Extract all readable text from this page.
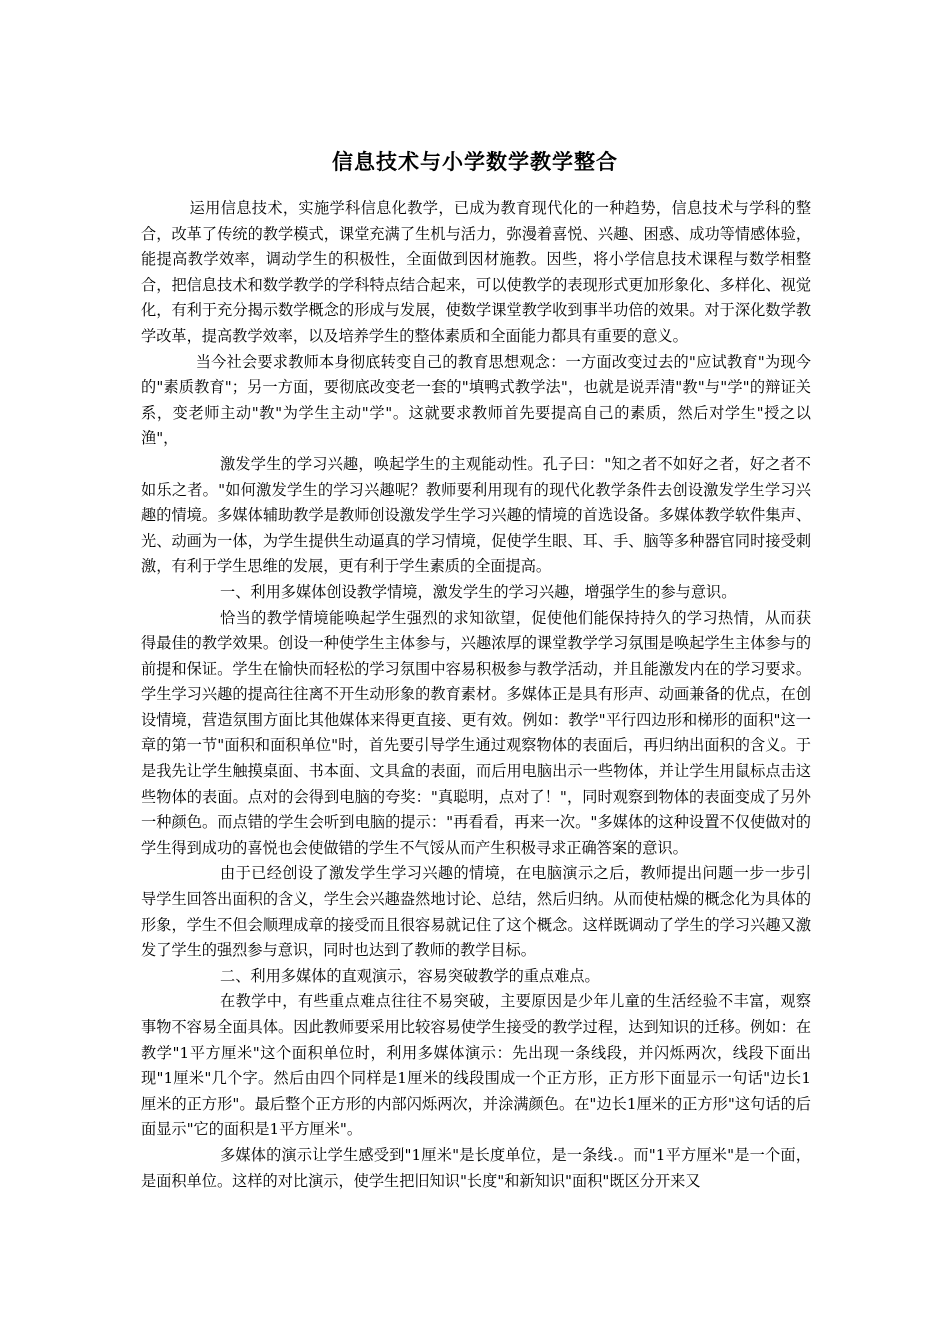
信息技术与小学数学教学整合

运用信息技术，实施学科信息化教学，已成为教育现代化的一种趋势，信息技术与学科的整合，改革了传统的教学模式，课堂充满了生机与活力，弥漫着喜悦、兴趣、困惑、成功等情感体验，能提高教学效率，调动学生的积极性，全面做到因材施教。因些，将小学信息技术课程与数学相整合，把信息技术和数学教学的学科特点结合起来，可以使教学的表现形式更加形象化、多样化、视觉化，有利于充分揭示数学概念的形成与发展，使数学课堂教学收到事半功倍的效果。对于深化数学教学改革，提高教学效率，以及培养学生的整体素质和全面能力都具有重要的意义。

当今社会要求教师本身彻底转变自己的教育思想观念：一方面改变过去的"应试教育"为现今的"素质教育"；另一方面，要彻底改变老一套的"填鸭式教学法"，也就是说弄清"教"与"学"的辩证关系，变老师主动"教"为学生主动"学"。这就要求教师首先要提高自己的素质，然后对学生"授之以渔"，

激发学生的学习兴趣，唤起学生的主观能动性。孔子曰："知之者不如好之者，好之者不如乐之者。"如何激发学生的学习兴趣呢？教师要利用现有的现代化教学条件去创设激发学生学习兴趣的情境。多媒体辅助教学是教师创设激发学生学习兴趣的情境的首选设备。多媒体教学软件集声、光、动画为一体，为学生提供生动逼真的学习情境，促使学生眼、耳、手、脑等多种器官同时接受刺激，有利于学生思维的发展，更有利于学生素质的全面提高。

一、利用多媒体创设教学情境，激发学生的学习兴趣，增强学生的参与意识。

恰当的教学情境能唤起学生强烈的求知欲望，促使他们能保持持久的学习热情，从而获得最佳的教学效果。创设一种使学生主体参与，兴趣浓厚的课堂教学学习氛围是唤起学生主体参与的前提和保证。学生在愉快而轻松的学习氛围中容易积极参与教学活动，并且能激发内在的学习要求。学生学习兴趣的提高往往离不开生动形象的教育素材。多媒体正是具有形声、动画兼备的优点，在创设情境，营造氛围方面比其他媒体来得更直接、更有效。例如：教学"平行四边形和梯形的面积"这一章的第一节"面积和面积单位"时，首先要引导学生通过观察物体的表面后，再归纳出面积的含义。于是我先让学生触摸桌面、书本面、文具盒的表面，而后用电脑出示一些物体，并让学生用鼠标点击这些物体的表面。点对的会得到电脑的夸奖："真聪明，点对了！"，同时观察到物体的表面变成了另外一种颜色。而点错的学生会听到电脑的提示："再看看，再来一次。"多媒体的这种设置不仅使做对的学生得到成功的喜悦也会使做错的学生不气馁从而产生积极寻求正确答案的意识。

由于已经创设了激发学生学习兴趣的情境，在电脑演示之后，教师提出问题一步一步引导学生回答出面积的含义，学生会兴趣盎然地讨论、总结，然后归纳。从而使枯燥的概念化为具体的形象，学生不但会顺理成章的接受而且很容易就记住了这个概念。这样既调动了学生的学习兴趣又激发了学生的强烈参与意识，同时也达到了教师的教学目标。

二、利用多媒体的直观演示，容易突破教学的重点难点。

在教学中，有些重点难点往往不易突破，主要原因是少年儿童的生活经验不丰富，观察事物不容易全面具体。因此教师要采用比较容易使学生接受的教学过程，达到知识的迁移。例如：在教学"1平方厘米"这个面积单位时，利用多媒体演示：先出现一条线段，并闪烁两次，线段下面出现"1厘米"几个字。然后由四个同样是1厘米的线段围成一个正方形，正方形下面显示一句话"边长1厘米的正方形"。最后整个正方形的内部闪烁两次，并涂满颜色。在"边长1厘米的正方形"这句话的后面显示"它的面积是1平方厘米"。

多媒体的演示让学生感受到"1厘米"是长度单位，是一条线.。而"1平方厘米"是一个面，是面积单位。这样的对比演示，使学生把旧知识"长度"和新知识"面积"既区分开来又
